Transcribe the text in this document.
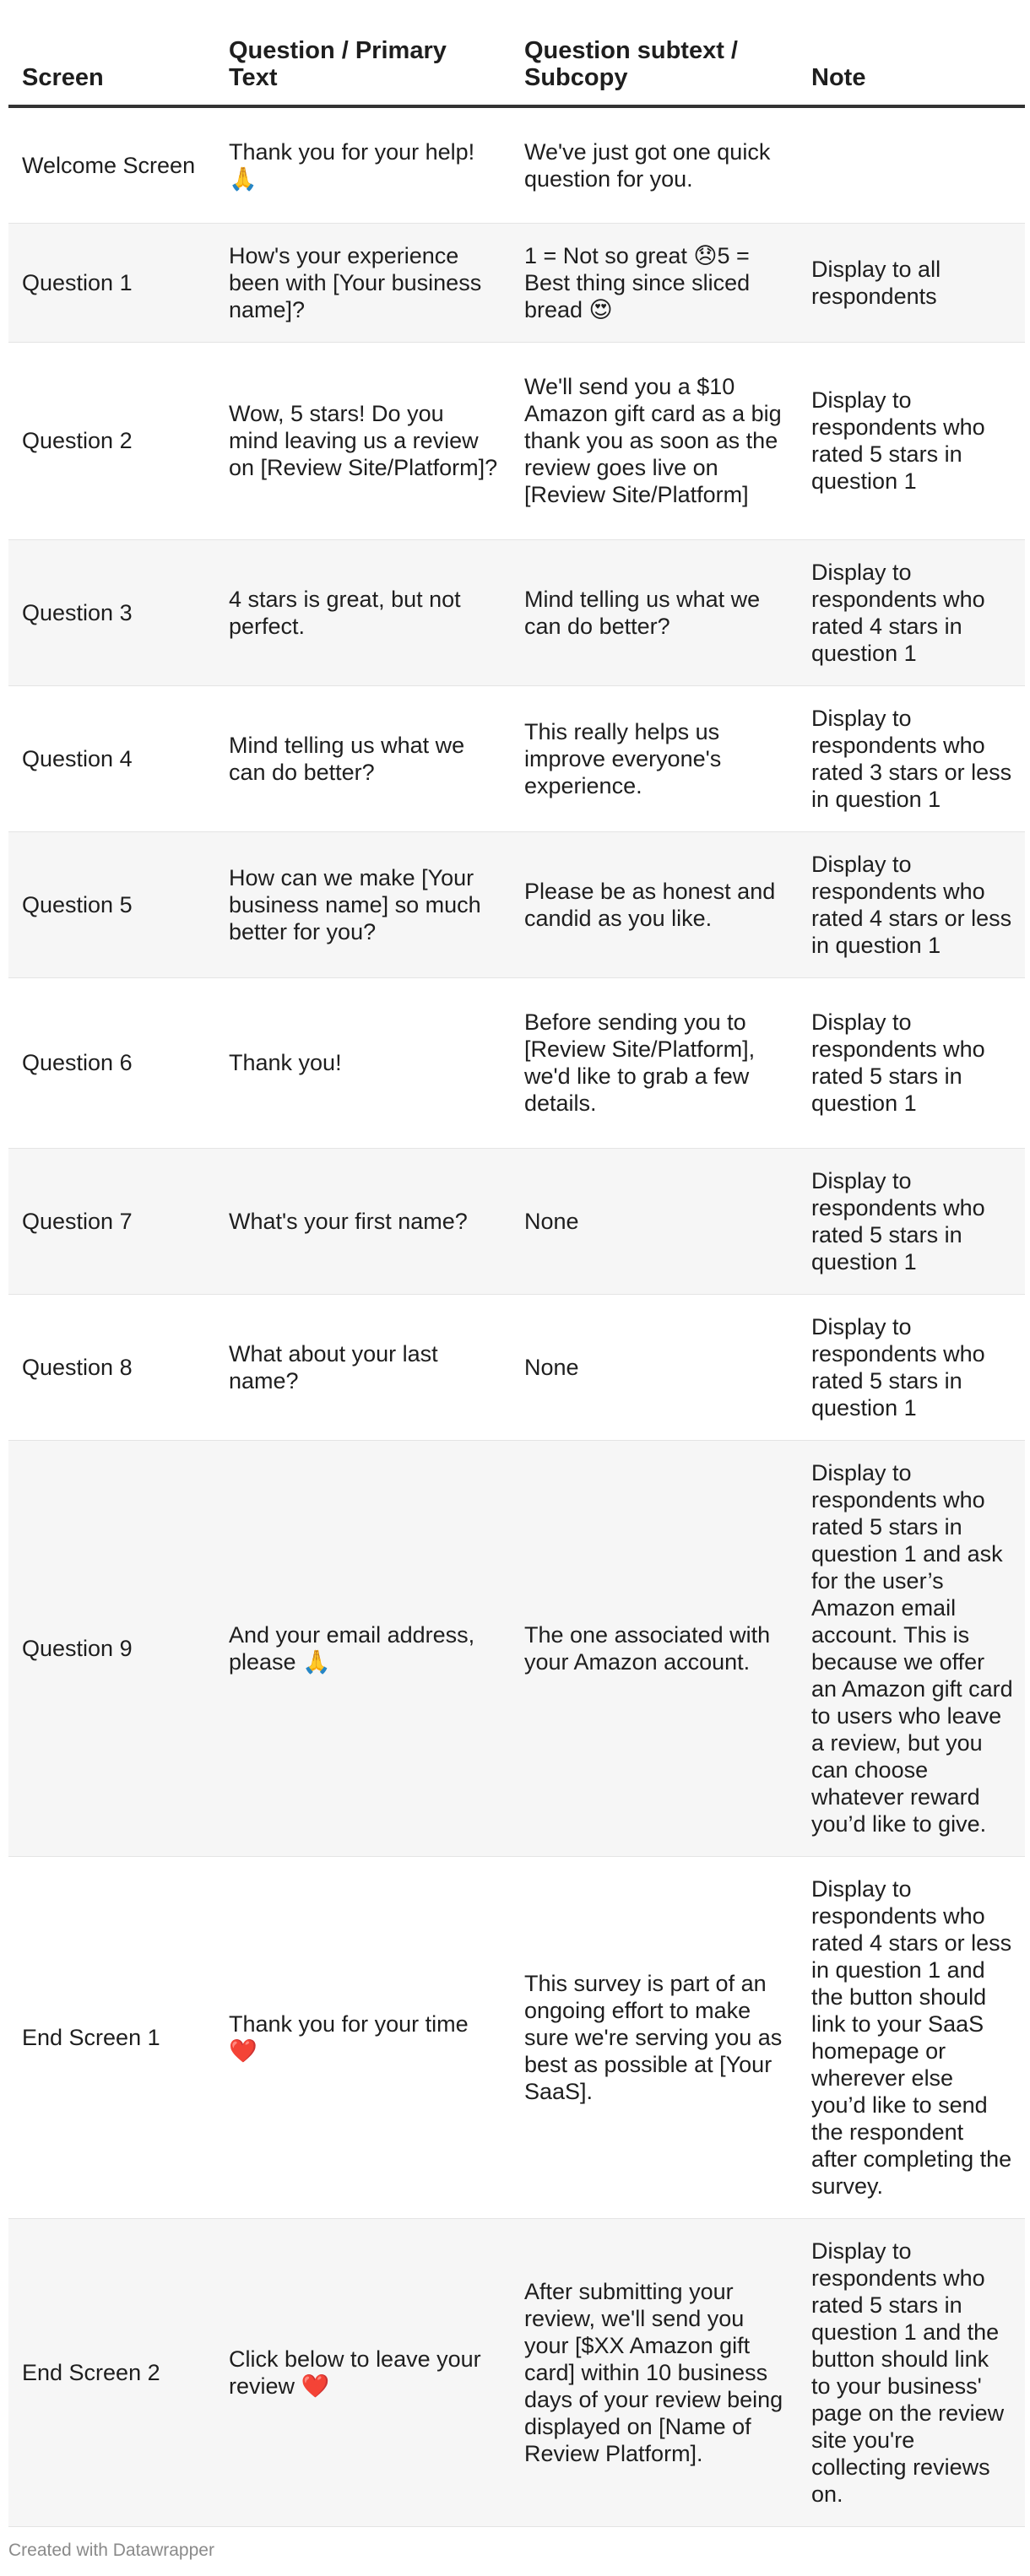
Screen	Question / Primary Text	Question subtext / Subcopy	Note
Welcome Screen	Thank you for your help! 🙏	We've just got one quick question for you.	
Question 1	How's your experience been with [Your business name]?	1 = Not so great 😞5 = Best thing since sliced bread 😍	Display to all respondents
Question 2	Wow, 5 stars! Do you mind leaving us a review on [Review Site/Platform]?	We'll send you a $10 Amazon gift card as a big thank you as soon as the review goes live on [Review Site/Platform]	Display to respondents who rated 5 stars in question 1
Question 3	4 stars is great, but not perfect.	Mind telling us what we can do better?	Display to respondents who rated 4 stars in question 1
Question 4	Mind telling us what we can do better?	This really helps us improve everyone's experience.	Display to respondents who rated 3 stars or less in question 1
Question 5	How can we make [Your business name] so much better for you?	Please be as honest and candid as you like.	Display to respondents who rated 4 stars or less in question 1
Question 6	Thank you!	Before sending you to [Review Site/Platform], we'd like to grab a few details.	Display to respondents who rated 5 stars in question 1
Question 7	What's your first name?	None	Display to respondents who rated 5 stars in question 1
Question 8	What about your last name?	None	Display to respondents who rated 5 stars in question 1
Question 9	And your email address, please 🙏	The one associated with your Amazon account.	Display to respondents who rated 5 stars in question 1 and ask for the user’s Amazon email account. This is because we offer an Amazon gift card to users who leave a review, but you can choose whatever reward you’d like to give.
End Screen 1	Thank you for your time ❤️	This survey is part of an ongoing effort to make sure we're serving you as best as possible at [Your SaaS].	Display to respondents who rated 4 stars or less in question 1 and the button should link to your SaaS homepage or wherever else you’d like to send the respondent after completing the survey.
End Screen 2	Click below to leave your review ❤️	After submitting your review, we'll send you your [$XX Amazon gift card] within 10 business days of your review being displayed on [Name of Review Platform].	Display to respondents who rated 5 stars in question 1 and the button should link to your business' page on the review site you're collecting reviews on.
Created with Datawrapper
